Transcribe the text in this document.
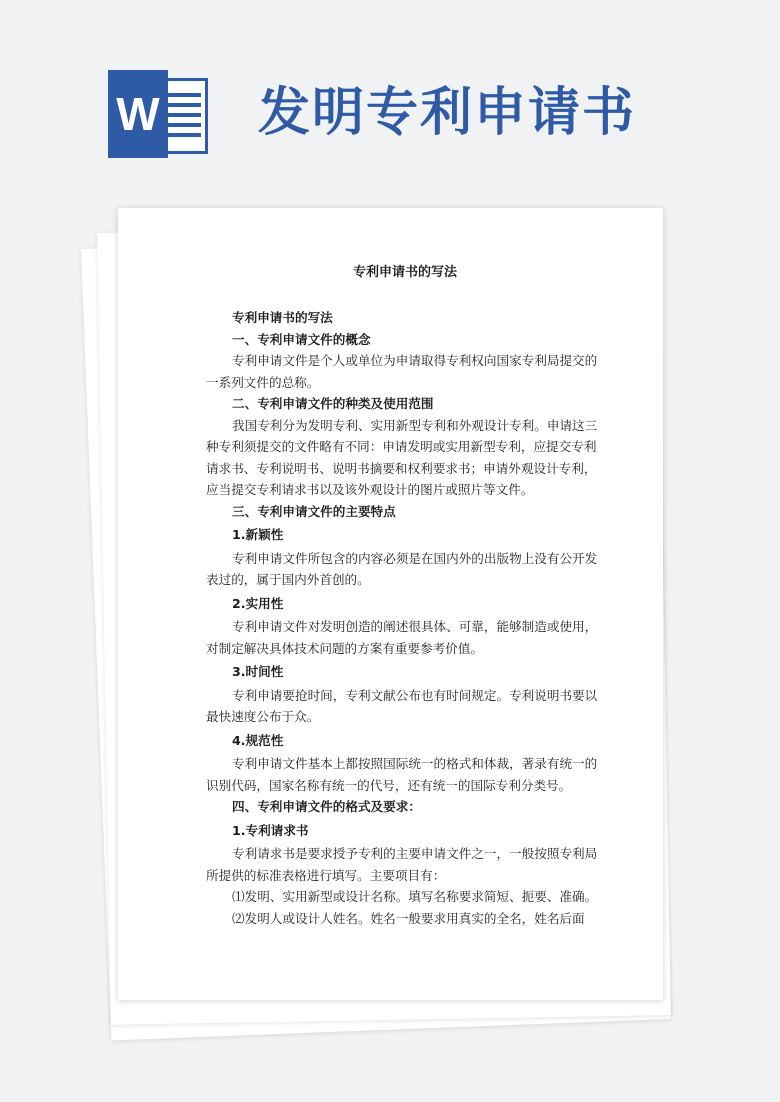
W 发明专利申请书
专利申请书的写法

专利申请书的写法

一、专利申请文件的概念

专利申请文件是个人或单位为申请取得专利权向国家专利局提交的一系列文件的总称。

二、专利申请文件的种类及使用范围

我国专利分为发明专利、实用新型专利和外观设计专利。申请这三种专利须提交的文件略有不同：申请发明或实用新型专利，应提交专利请求书、专利说明书、说明书摘要和权利要求书；申请外观设计专利，应当提交专利请求书以及该外观设计的图片或照片等文件。

三、专利申请文件的主要特点

1.新颖性

专利申请文件所包含的内容必须是在国内外的出版物上没有公开发表过的，属于国内外首创的。

2.实用性

专利申请文件对发明创造的阐述很具体、可靠，能够制造或使用，对制定解决具体技术问题的方案有重要参考价值。

3.时间性

专利申请要抢时间，专利文献公布也有时间规定。专利说明书要以最快速度公布于众。

4.规范性

专利申请文件基本上都按照国际统一的格式和体裁，著录有统一的识别代码，国家名称有统一的代号，还有统一的国际专利分类号。

四、专利申请文件的格式及要求：

1.专利请求书

专利请求书是要求授予专利的主要申请文件之一，一般按照专利局所提供的标准表格进行填写。主要项目有：

⑴发明、实用新型或设计名称。填写名称要求简短、扼要、准确。

⑵发明人或设计人姓名。姓名一般要求用真实的全名，姓名后面
